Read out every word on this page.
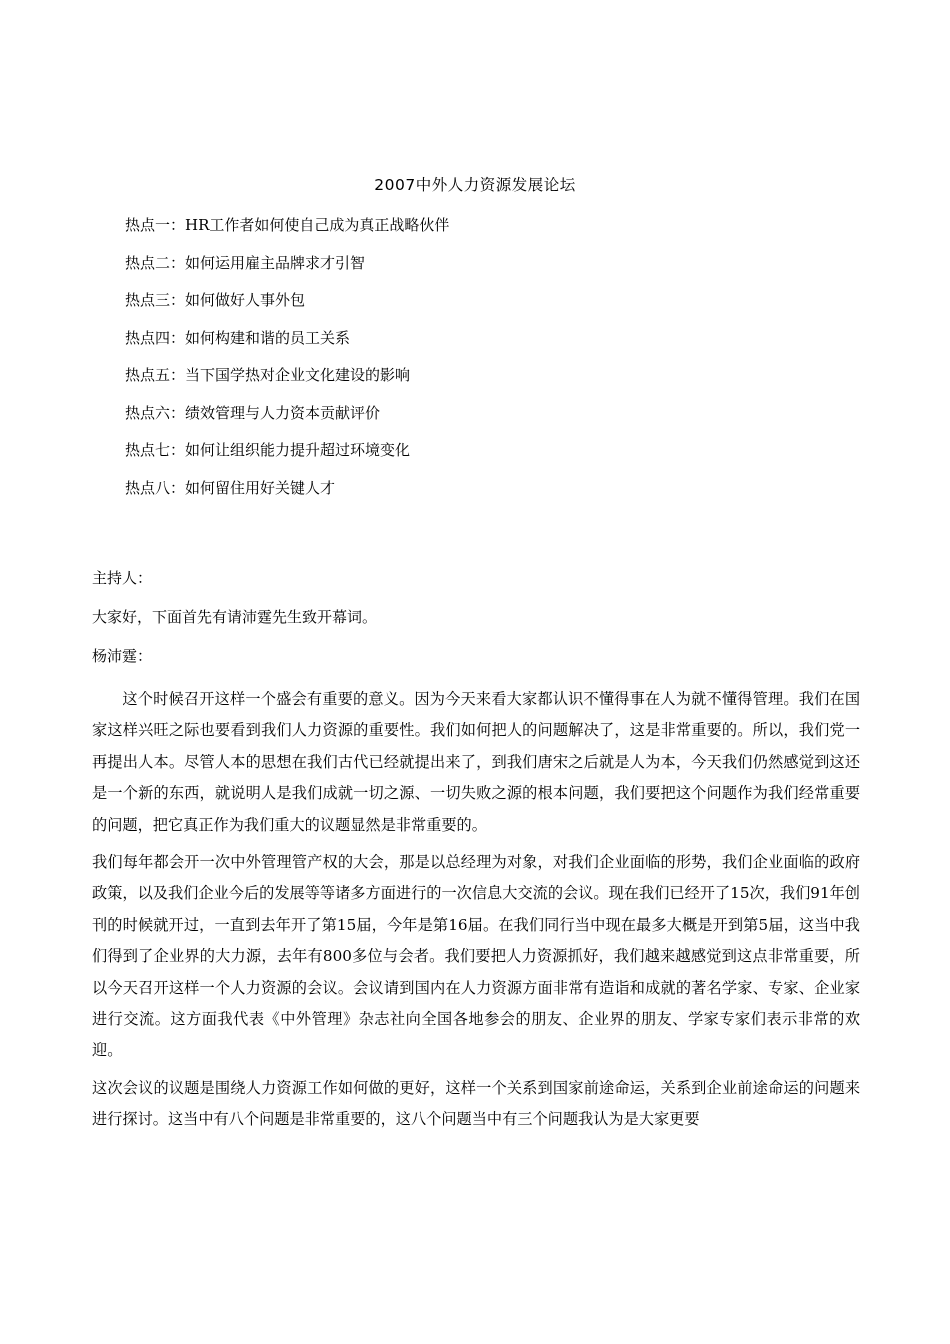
2007中外人力资源发展论坛
热点一：HR工作者如何使自己成为真正战略伙伴
热点二：如何运用雇主品牌求才引智
热点三：如何做好人事外包
热点四：如何构建和谐的员工关系
热点五：当下国学热对企业文化建设的影响
热点六：绩效管理与人力资本贡献评价
热点七：如何让组织能力提升超过环境变化
热点八：如何留住用好关键人才

主持人：

大家好，下面首先有请沛霆先生致开幕词。

杨沛霆：

这个时候召开这样一个盛会有重要的意义。因为今天来看大家都认识不懂得事在人为就不懂得管理。我们在国家这样兴旺之际也要看到我们人力资源的重要性。我们如何把人的问题解决了，这是非常重要的。所以，我们党一再提出人本。尽管人本的思想在我们古代已经就提出来了，到我们唐宋之后就是人为本，今天我们仍然感觉到这还是一个新的东西，就说明人是我们成就一切之源、一切失败之源的根本问题，我们要把这个问题作为我们经常重要的问题，把它真正作为我们重大的议题显然是非常重要的。

我们每年都会开一次中外管理管产权的大会，那是以总经理为对象，对我们企业面临的形势，我们企业面临的政府政策，以及我们企业今后的发展等等诸多方面进行的一次信息大交流的会议。现在我们已经开了15次，我们91年创刊的时候就开过，一直到去年开了第15届，今年是第16届。在我们同行当中现在最多大概是开到第5届，这当中我们得到了企业界的大力源，去年有800多位与会者。我们要把人力资源抓好，我们越来越感觉到这点非常重要，所以今天召开这样一个人力资源的会议。会议请到国内在人力资源方面非常有造诣和成就的著名学家、专家、企业家进行交流。这方面我代表《中外管理》杂志社向全国各地参会的朋友、企业界的朋友、学家专家们表示非常的欢迎。

这次会议的议题是围绕人力资源工作如何做的更好，这样一个关系到国家前途命运，关系到企业前途命运的问题来进行探讨。这当中有八个问题是非常重要的，这八个问题当中有三个问题我认为是大家更要
